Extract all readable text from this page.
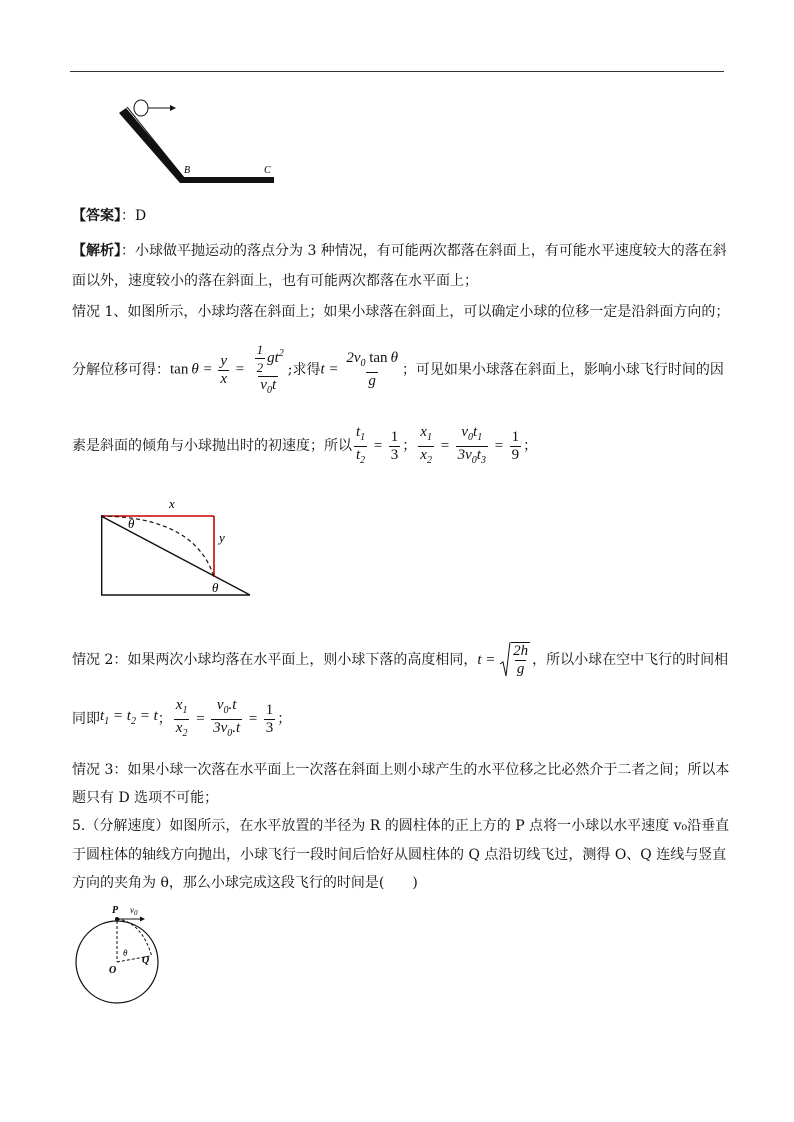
B	C
【答案】：D
【解析】：小球做平抛运动的落点分为 3 种情况，有可能两次都落在斜面上，有可能水平速度较大的落在斜
面以外，速度较小的落在斜面上，也有可能两次都落在水平面上；
情况 1、如图所示，小球均落在斜面上；如果小球落在斜面上，可以确定小球的位移一定是沿斜面方向的；
分解位移可得： $\tan \theta = \frac{y}{x} = \frac{\frac{1}{2} gt^2}{v_0t}$ ;求得 $t = \frac{2v_0 \tan \theta}{g}$ ；可见如果小球落在斜面上，影响小球飞行时间的因
素是斜面的倾角与小球抛出时的初速度；所以 $\frac{t_1}{t_2} = \frac{1}{3}$ ； $\frac{x_1}{x_2} = \frac{v_0t_1}{3v_0t_3} = \frac{1}{9}$ ；
x
y
θ
θ
情况 2：如果两次小球均落在水平面上，则小球下落的高度相同， $t = \frac{2h}{g}$ ，所以小球在空中飞行的时间相
同即 $t_1 = t_2 = t$ ； $\frac{x_1}{x_2} = \frac{v_0.t}{3v_0.t} = \frac{1}{3}$ ；
情况 3：如果小球一次落在水平面上一次落在斜面上则小球产生的水平位移之比必然介于二者之间；所以本
题只有 D 选项不可能；
5.（分解速度）如图所示，在水平放置的半径为 R 的圆柱体的正上方的 P 点将一小球以水平速度 v₀沿垂直
于圆柱体的轴线方向抛出，小球飞行一段时间后恰好从圆柱体的 Q 点沿切线飞过，测得 O、Q 连线与竖直
方向的夹角为 θ，那么小球完成这段飞行的时间是(　　)
P $v_0$
O
Q
θ
